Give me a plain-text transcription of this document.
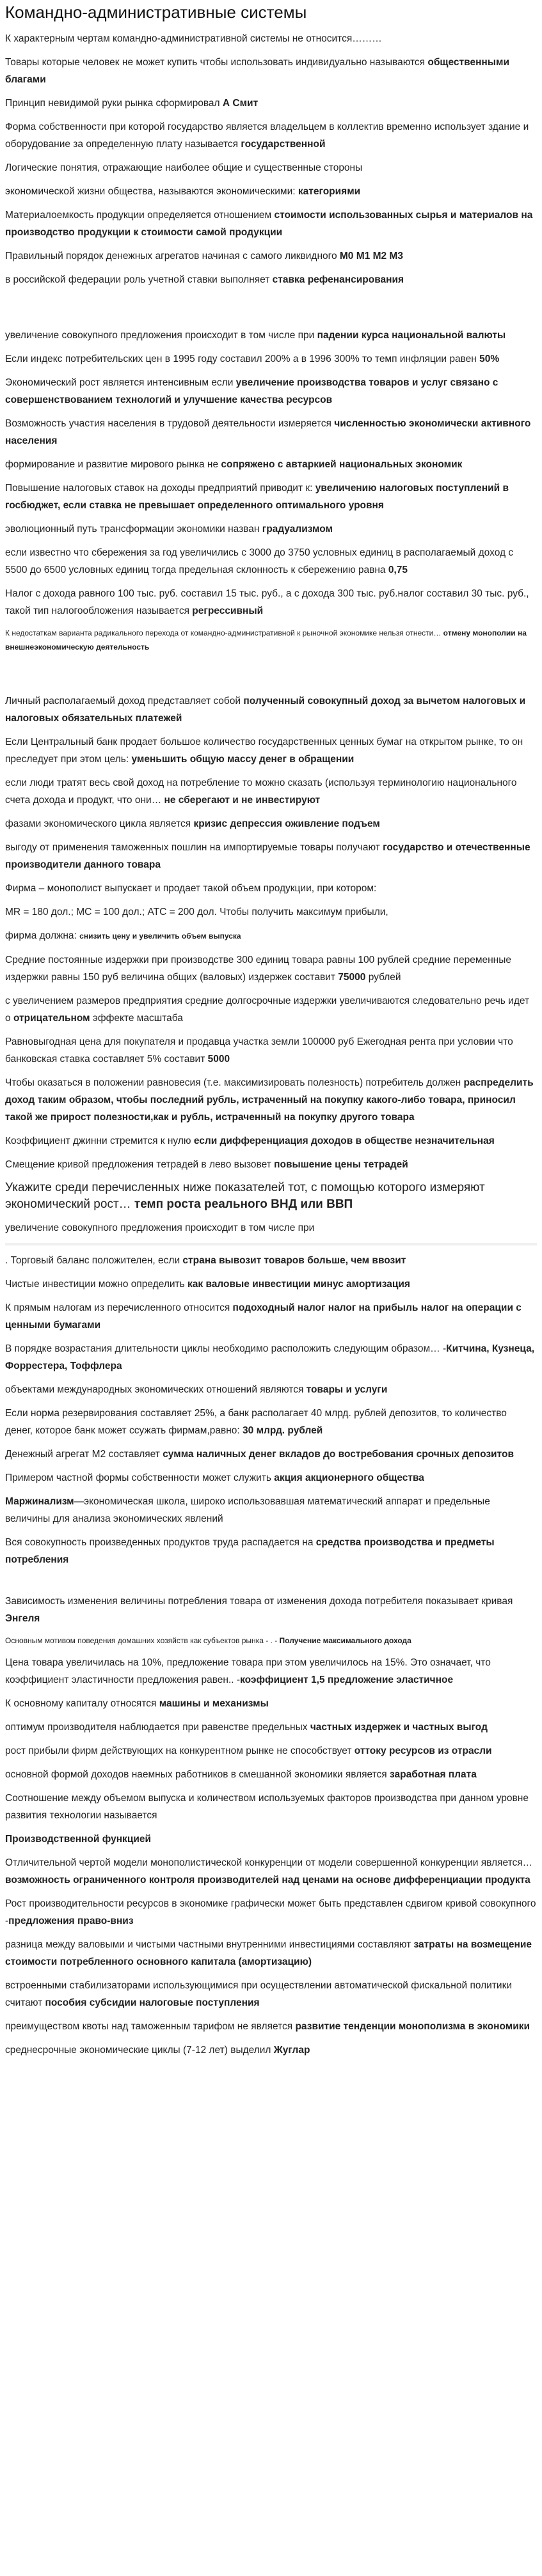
Командно-административные системы

К характерным чертам командно-административной системы не относится………

Товары которые человек не может купить чтобы использовать индивидуально называются общественными благами

Принцип невидимой руки рынка сформировал А Смит

Форма собственности при которой государство является владельцем в коллектив временно использует здание и оборудование за определенную плату называется государственной

Логические понятия, отражающие наиболее общие и существенные стороны

экономической жизни общества, называются экономическими: категориями

Материалоемкость продукции определяется отношением стоимости использованных сырья и материалов на производство продукции к стоимости самой продукции

Правильный порядок денежных агрегатов начиная с самого ликвидного М0 М1 М2 М3

в российской федерации роль учетной ставки выполняет ставка рефенансирования

увеличение совокупного предложения происходит в том числе при падении курса национальной валюты

Если индекс потребительских цен в 1995 году составил 200% а в 1996 300% то темп инфляции равен 50%

Экономический рост является интенсивным если увеличение производства товаров и услуг связано с совершенствованием технологий и улучшение качества ресурсов

Возможность участия населения в трудовой деятельности измеряется численностью экономически активного населения

формирование и развитие мирового рынка не сопряжено с автаркией национальных экономик

Повышение налоговых ставок на доходы предприятий приводит к: увеличению налоговых поступлений в госбюджет, если ставка не превышает определенного оптимального уровня

эволюционный путь трансформации экономики назван градуализмом

если известно что сбережения за год увеличились с 3000 до 3750 условных единиц в располагаемый доход с 5500 до 6500 условных единиц тогда предельная склонность к сбережению равна 0,75

Налог с дохода равного 100 тыс. руб. составил 15 тыс. руб., а с дохода 300 тыс. руб.налог составил 30 тыс. руб., такой тип налогообложения называется регрессивный

К недостаткам варианта радикального перехода от командно-административной к рыночной экономике нельзя отнести… отмену монополии на внешнеэкономическую деятельность

Личный располагаемый доход представляет собой полученный совокупный доход за вычетом налоговых и налоговых обязательных платежей

Если Центральный банк продает большое количество государственных ценных бумаг на открытом рынке, то он преследует при этом цель: уменьшить общую массу денег в обращении

если люди тратят весь свой доход на потребление то можно сказать (используя терминологию национального счета дохода и продукт, что они… не сберегают и не инвестируют

фазами экономического цикла является кризис депрессия оживление подъем

выгоду от применения таможенных пошлин на импортируемые товары получают государство и отечественные производители данного товара

Фирма – монополист выпускает и продает такой объем продукции, при котором:

MR = 180 дол.; MC = 100 дол.; ATC = 200 дол. Чтобы получить максимум прибыли,

фирма должна: снизить цену и увеличить объем выпуска

Средние постоянные издержки при производстве 300 единиц товара равны 100 рублей средние переменные издержки равны 150 руб величина общих (валовых) издержек составит 75000 рублей

с увеличением размеров предприятия средние долгосрочные издержки увеличиваются следовательно речь идет о отрицательном эффекте масштаба

Равновыгодная цена для покупателя и продавца участка земли 100000 руб Ежегодная рента при условии что банковская ставка составляет 5% составит 5000

Чтобы оказаться в положении равновесия (т.е. максимизировать полезность) потребитель должен распределить доход таким образом, чтобы последний рубль, истраченный на покупку какого-либо товара, приносил такой же прирост полезности,как и рубль, истраченный на покупку другого товара

Коэффициент джинни стремится к нулю если дифференциация доходов в обществе незначительная

Смещение кривой предложения тетрадей в лево вызовет повышение цены тетрадей

Укажите среди перечисленных ниже показателей тот, с помощью которого измеряют экономический рост… темп роста реального ВНД или ВВП

увеличение совокупного предложения происходит в том числе при

. Торговый баланс положителен, если страна вывозит товаров больше, чем ввозит

Чистые инвестиции можно определить как валовые инвестиции минус амортизация

К прямым налогам из перечисленного относится подоходный налог налог на прибыль налог на операции с ценными бумагами

В порядке возрастания длительности циклы необходимо расположить следующим образом… -Китчина, Кузнеца, Форрестера, Тоффлера

объектами международных экономических отношений являются товары и услуги

Если норма резервирования составляет 25%, а банк располагает 40 млрд. рублей депозитов, то количество денег, которое банк может ссужать фирмам,равно: 30 млрд. рублей

Денежный агрегат М2 составляет сумма наличных денег вкладов до востребования срочных депозитов

Примером частной формы собственности может служить акция акционерного общества

Маржинализм—экономическая школа, широко использовавшая математический аппарат и предельные величины для анализа экономических явлений

Вся совокупность произведенных продуктов труда распадается на средства производства и предметы потребления

Зависимость изменения величины потребления товара от изменения дохода потребителя показывает кривая Энгеля

Основным мотивом поведения домашних хозяйств как субъектов рынка - . - Получение максимального дохода

Цена товара увеличилась на 10%, предложение товара при этом увеличилось на 15%. Это означает, что коэффициент эластичности предложения равен.. -коэффициент 1,5 предложение эластичное

К основному капиталу относятся машины и механизмы

оптимум производителя наблюдается при равенстве предельных частных издержек и частных выгод

рост прибыли фирм действующих на конкурентном рынке не способствует оттоку ресурсов из отрасли

основной формой доходов наемных работников в смешанной экономики является заработная плата

Соотношение между объемом выпуска и количеством используемых факторов производства при данном уровне развития технологии называется

Производственной функцией

Отличительной чертой модели монополистической конкуренции от модели совершенной конкуренции является… возможность ограниченного контроля производителей над ценами на основе дифференциации продукта

Рост производительности ресурсов в экономике графически может быть представлен сдвигом кривой совокупного -предложения право-вниз

разница между валовыми и чистыми частными внутренними инвестициями составляют затраты на возмещение стоимости потребленного основного капитала (амортизацию)

встроенными стабилизаторами использующимися при осуществлении автоматической фискальной политики считают пособия субсидии налоговые поступления

преимуществом квоты над таможенным тарифом не является развитие тенденции монополизма в экономики

среднесрочные экономические циклы (7-12 лет) выделил Жуглар
